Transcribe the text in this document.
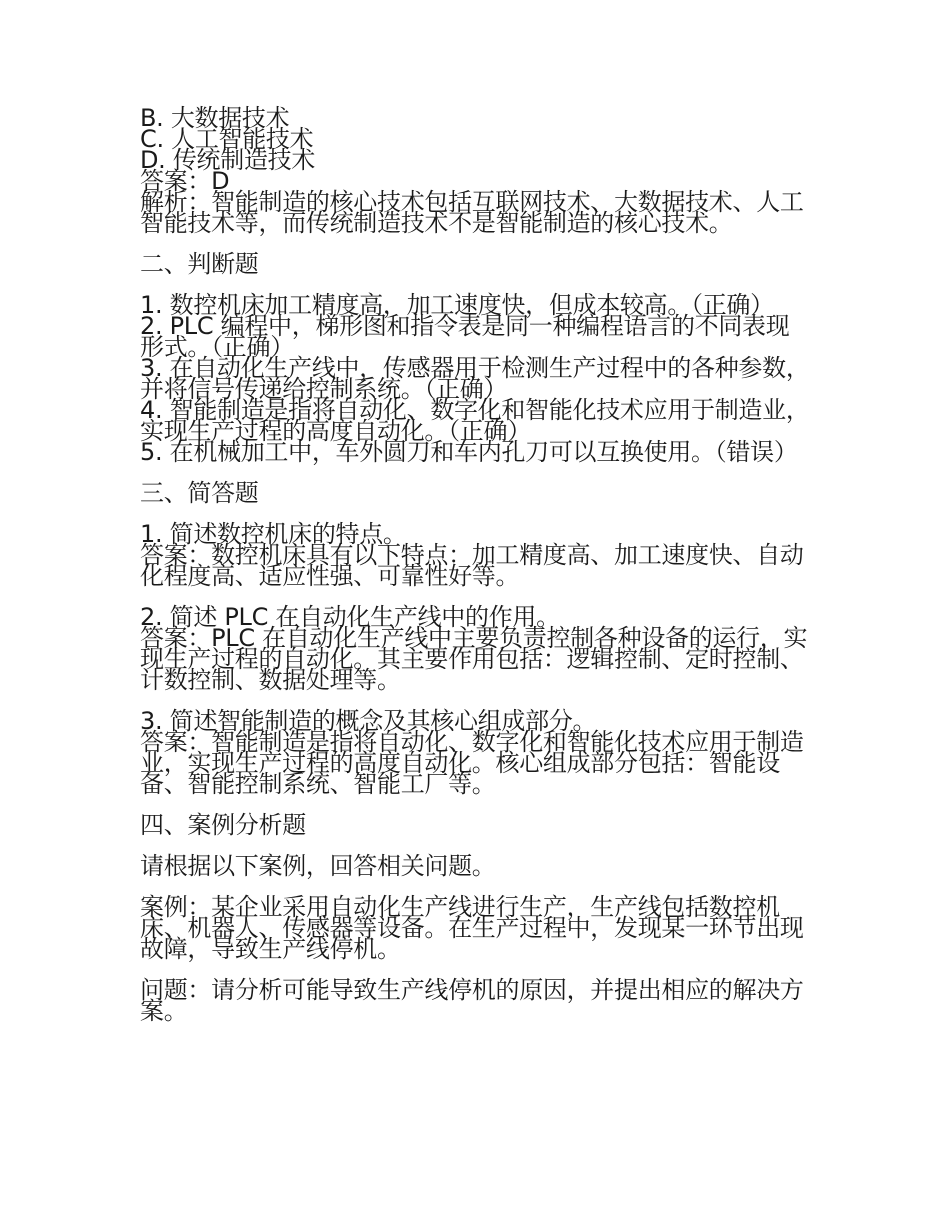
B. 大数据技术
C. 人工智能技术
D. 传统制造技术
答案：D
解析：智能制造的核心技术包括互联网技术、大数据技术、人工智能技术等，而传统制造技术不是智能制造的核心技术。
二、判断题
1. 数控机床加工精度高，加工速度快，但成本较高。（正确）
2. PLC 编程中，梯形图和指令表是同一种编程语言的不同表现形式。（正确）
3. 在自动化生产线中，传感器用于检测生产过程中的各种参数，并将信号传递给控制系统。（正确）
4. 智能制造是指将自动化、数字化和智能化技术应用于制造业，实现生产过程的高度自动化。（正确）
5. 在机械加工中，车外圆刀和车内孔刀可以互换使用。（错误）
三、简答题
1. 简述数控机床的特点。
答案：数控机床具有以下特点：加工精度高、加工速度快、自动化程度高、适应性强、可靠性好等。
2. 简述 PLC 在自动化生产线中的作用。
答案：PLC 在自动化生产线中主要负责控制各种设备的运行，实现生产过程的自动化。其主要作用包括：逻辑控制、定时控制、计数控制、数据处理等。
3. 简述智能制造的概念及其核心组成部分。
答案：智能制造是指将自动化、数字化和智能化技术应用于制造业，实现生产过程的高度自动化。核心组成部分包括：智能设备、智能控制系统、智能工厂等。
四、案例分析题
请根据以下案例，回答相关问题。
案例：某企业采用自动化生产线进行生产，生产线包括数控机床、机器人、传感器等设备。在生产过程中，发现某一环节出现故障，导致生产线停机。
问题：请分析可能导致生产线停机的原因，并提出相应的解决方案。
